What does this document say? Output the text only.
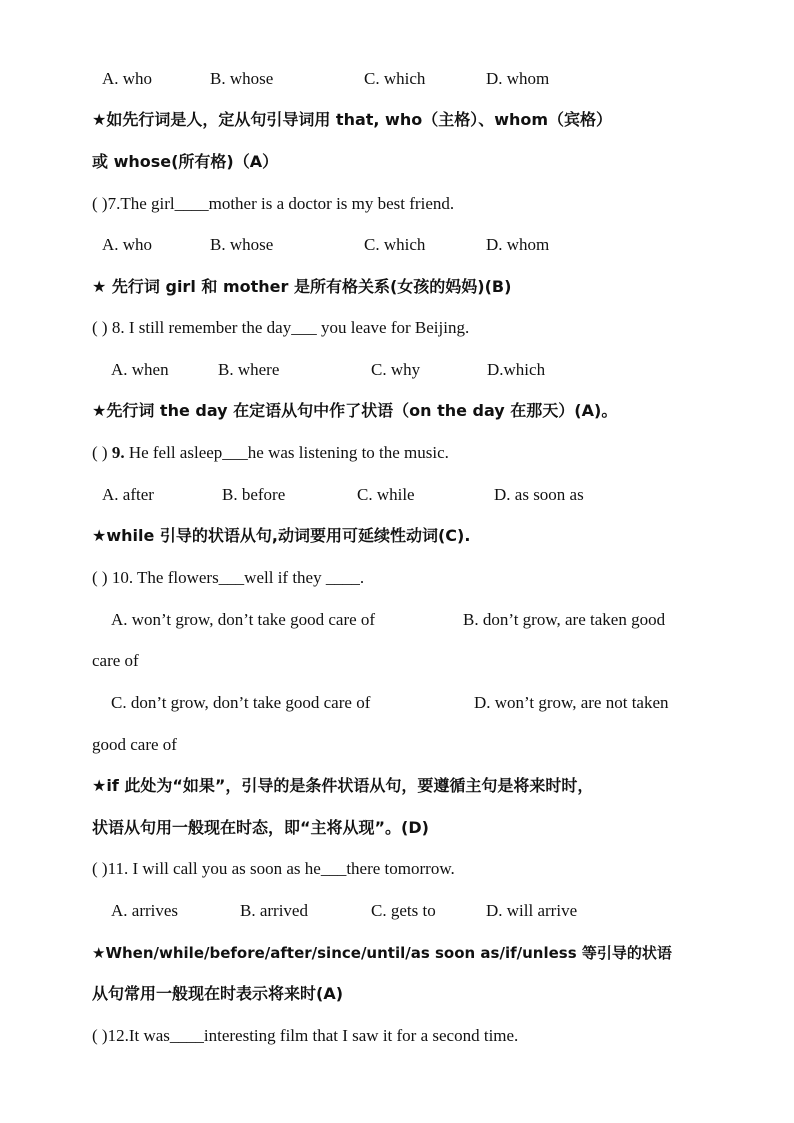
A. who	B. whose	C. which	D. whom
★如先行词是人，定从句引导词用 that, who（主格）、whom（宾格）
或 whose(所有格)（A）
( )7.The girl____mother is a doctor is my best friend.
A. who	B. whose	C. which	D. whom
★ 先行词 girl 和 mother 是所有格关系(女孩的妈妈)(B)
( ) 8. I still remember the day___ you leave for Beijing.
A. when	B. where	C. why	D.which
★先行词 the day 在定语从句中作了状语（on the day 在那天）(A)。
( ) 9. He fell asleep___he was listening to the music.
A. after	B. before	C. while	D. as soon as
★while 引导的状语从句,动词要用可延续性动词(C).
( ) 10. The flowers___well if they ____.
A. won’t grow, don’t take good care of	B. don’t grow, are taken good
care of
C. don’t grow, don’t take good care of	D. won’t grow, are not taken
good care of
★if 此处为“如果”，引导的是条件状语从句，要遵循主句是将来时时，
状语从句用一般现在时态，即“主将从现”。(D)
( )11. I will call you as soon as he___there tomorrow.
A. arrives	B. arrived	C. gets to	D. will arrive
★When/while/before/after/since/until/as soon as/if/unless 等引导的状语
从句常用一般现在时表示将来时(A)
( )12.It was____interesting film that I saw it for a second time.
